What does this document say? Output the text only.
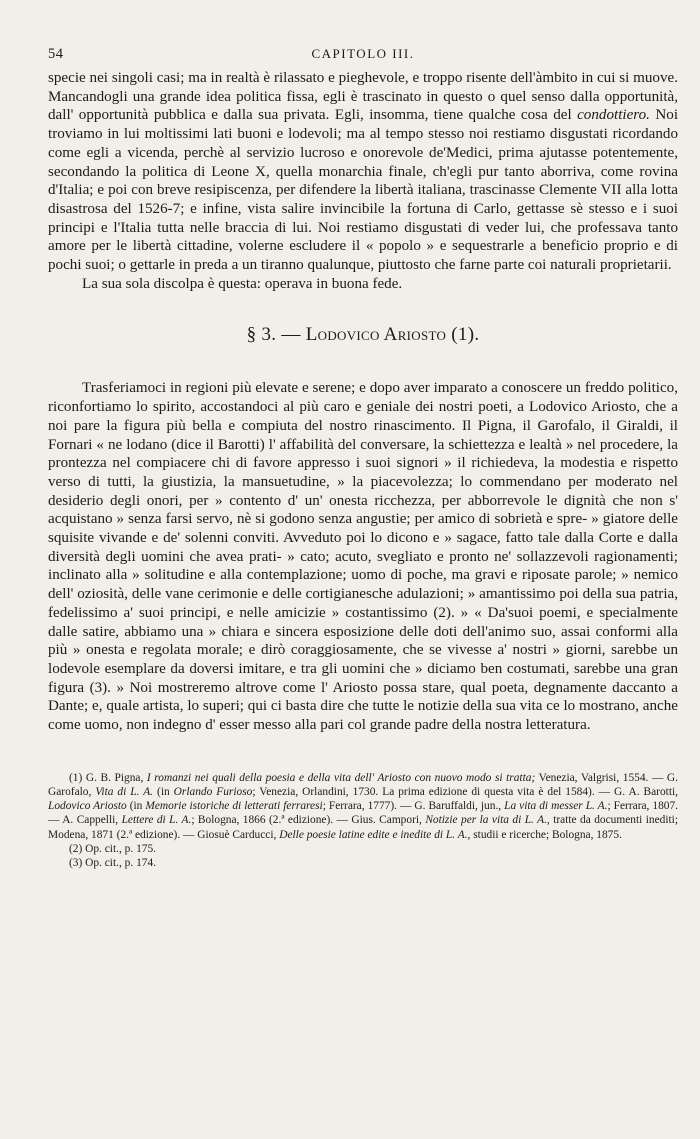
54	CAPITOLO III.

specie nei singoli casi; ma in realtà è rilassato e pieghevole, e troppo risente dell'àmbito in cui si muove. Mancandogli una grande idea politica fissa, egli è trascinato in questo o quel senso dalla opportunità, dall' opportunità pubblica e dalla sua privata. Egli, insomma, tiene qualche cosa del condottiero. Noi troviamo in lui moltissimi lati buoni e lodevoli; ma al tempo stesso noi restiamo disgustati ricordando come egli a vicenda, perchè al servizio lucroso e onorevole de'Medici, prima ajutasse potentemente, secondando la politica di Leone X, quella monarchia finale, ch'egli pur tanto aborriva, come rovina d'Italia; e poi con breve resipiscenza, per difendere la libertà italiana, trascinasse Clemente VII alla lotta disastrosa del 1526-7; e infine, vista salire invincibile la fortuna di Carlo, gettasse sè stesso e i suoi principi e l'Italia tutta nelle braccia di lui. Noi restiamo disgustati di veder lui, che professava tanto amore per le libertà cittadine, volerne escludere il « popolo » e sequestrarle a beneficio proprio e di pochi suoi; o gettarle in preda a un tiranno qualunque, piuttosto che farne parte coi naturali proprietarii.

La sua sola discolpa è questa: operava in buona fede.

§ 3. — Lodovico Ariosto (1).

Trasferiamoci in regioni più elevate e serene; e dopo aver imparato a conoscere un freddo politico, riconfortiamo lo spirito, accostandoci al più caro e geniale dei nostri poeti, a Lodovico Ariosto, che a noi pare la figura più bella e compiuta del nostro rinascimento. Il Pigna, il Garofalo, il Giraldi, il Fornari « ne lodano (dice il Barotti) l' affabilità del conversare, la schiettezza e lealtà » nel procedere, la prontezza nel compiacere chi di favore appresso i suoi signori » il richiedeva, la modestia e rispetto verso di tutti, la giustizia, la mansuetudine, » la piacevolezza; lo commendano per moderato nel desiderio degli onori, per » contento d' un' onesta ricchezza, per abborrevole le dignità che non s' acquistano » senza farsi servo, nè si godono senza angustie; per amico di sobrietà e spre- » giatore delle squisite vivande e de' solenni conviti. Avveduto poi lo dicono e » sagace, fatto tale dalla Corte e dalla diversità degli uomini che avea prati- » cato; acuto, svegliato e pronto ne' sollazzevoli ragionamenti; inclinato alla » solitudine e alla contemplazione; uomo di poche, ma gravi e riposate parole; » nemico dell' oziosità, delle vane cerimonie e delle cortigianesche adulazioni; » amantissimo poi della sua patria, fedelissimo a' suoi principi, e nelle amicizie » costantissimo (2). » « Da'suoi poemi, e specialmente dalle satire, abbiamo una » chiara e sincera esposizione delle doti dell'animo suo, assai conformi alla più » onesta e regolata morale; e dirò coraggiosamente, che se vivesse a' nostri » giorni, sarebbe un lodevole esemplare da doversi imitare, e tra gli uomini che » diciamo ben costumati, sarebbe una gran figura (3). » Noi mostreremo altrove come l' Ariosto possa stare, qual poeta, degnamente daccanto a Dante; e, quale artista, lo superi; qui ci basta dire che tutte le notizie della sua vita ce lo mostrano, anche come uomo, non indegno d' esser messo alla pari col grande padre della nostra letteratura.

(1) G. B. Pigna, I romanzi nei quali della poesia e della vita dell' Ariosto con nuovo modo si tratta; Venezia, Valgrisi, 1554. — G. Garofalo, Vita di L. A. (in Orlando Furioso; Venezia, Orlandini, 1730. La prima edizione di questa vita è del 1584). — G. A. Barotti, Lodovico Ariosto (in Memorie istoriche di letterati ferraresi; Ferrara, 1777). — G. Baruffaldi, jun., La vita di messer L. A.; Ferrara, 1807. — A. Cappelli, Lettere di L. A.; Bologna, 1866 (2.ª edizione). — Gius. Campori, Notizie per la vita di L. A., tratte da documenti inediti; Modena, 1871 (2.ª edizione). — Giosuè Carducci, Delle poesie latine edite e inedite di L. A., studii e ricerche; Bologna, 1875.

(2) Op. cit., p. 175.

(3) Op. cit., p. 174.
